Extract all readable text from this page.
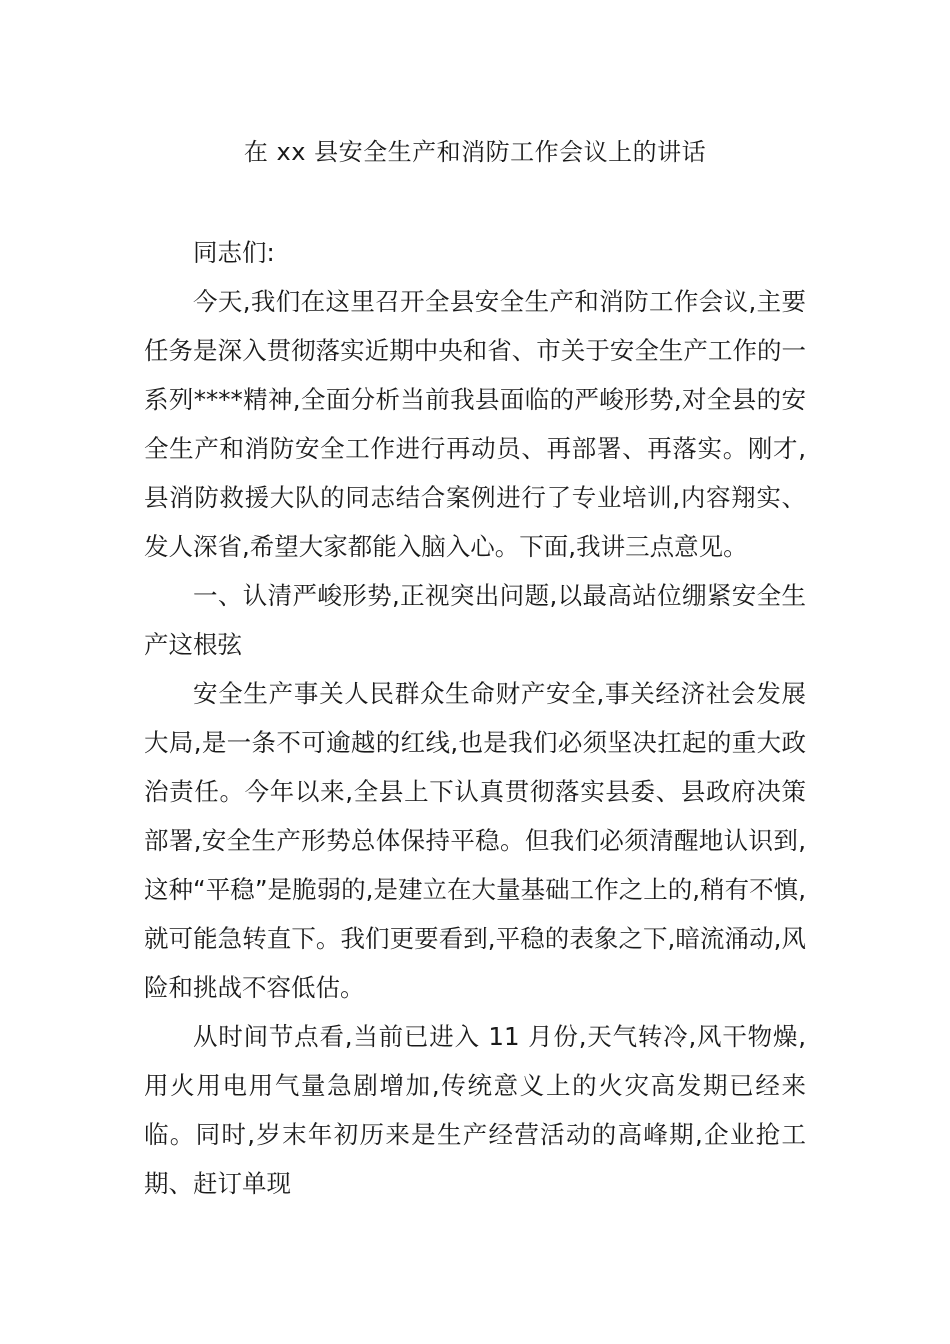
在 xx 县安全生产和消防工作会议上的讲话

同志们:

今天,我们在这里召开全县安全生产和消防工作会议,主要任务是深入贯彻落实近期中央和省、市关于安全生产工作的一系列****精神,全面分析当前我县面临的严峻形势,对全县的安全生产和消防安全工作进行再动员、再部署、再落实。刚才,县消防救援大队的同志结合案例进行了专业培训,内容翔实、发人深省,希望大家都能入脑入心。下面,我讲三点意见。

一、认清严峻形势,正视突出问题,以最高站位绷紧安全生产这根弦

安全生产事关人民群众生命财产安全,事关经济社会发展大局,是一条不可逾越的红线,也是我们必须坚决扛起的重大政治责任。今年以来,全县上下认真贯彻落实县委、县政府决策部署,安全生产形势总体保持平稳。但我们必须清醒地认识到,这种“平稳”是脆弱的,是建立在大量基础工作之上的,稍有不慎,就可能急转直下。我们更要看到,平稳的表象之下,暗流涌动,风险和挑战不容低估。

从时间节点看,当前已进入 11 月份,天气转冷,风干物燥,用火用电用气量急剧增加,传统意义上的火灾高发期已经来临。同时,岁末年初历来是生产经营活动的高峰期,企业抢工期、赶订单现
